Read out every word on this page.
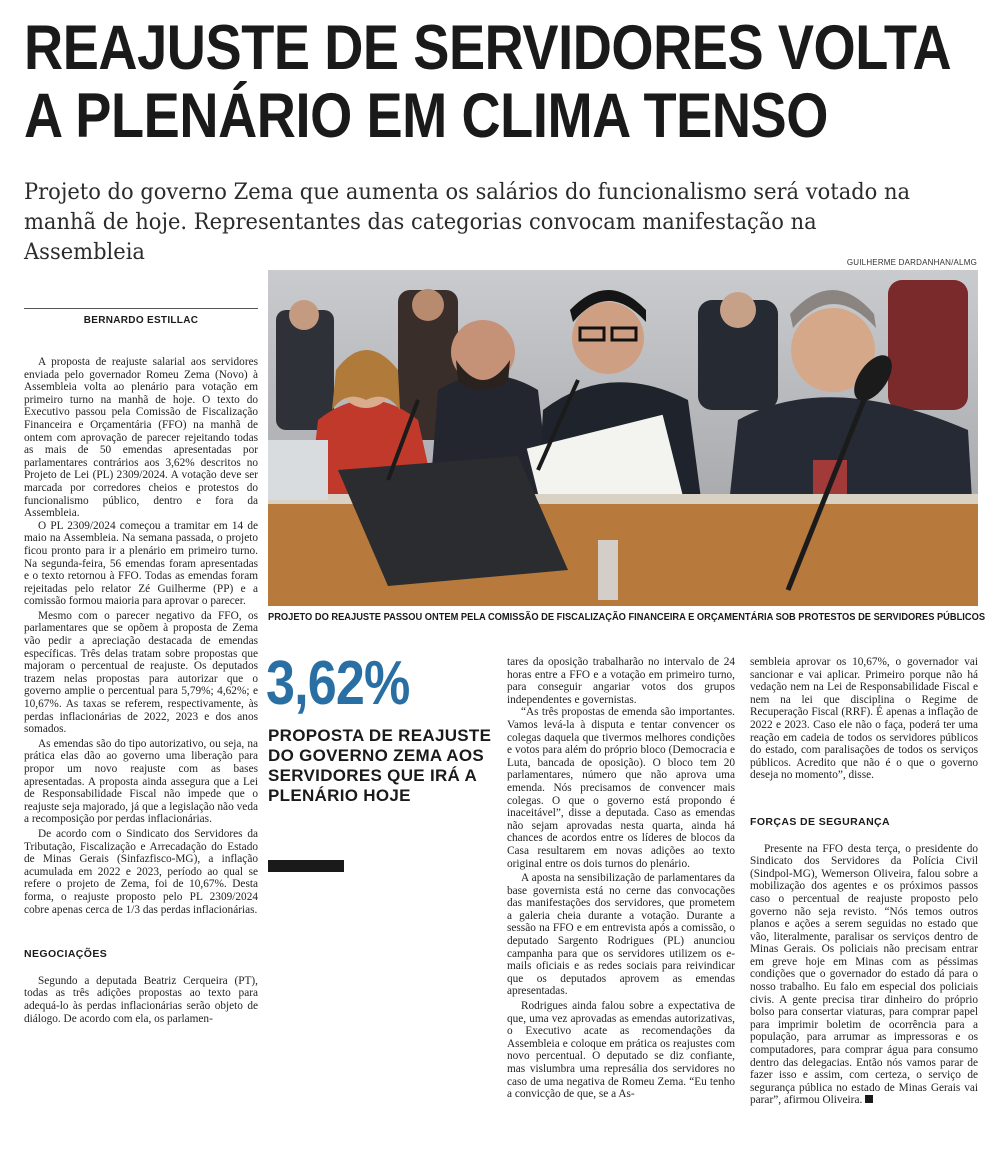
REAJUSTE DE SERVIDORES VOLTA
A PLENÁRIO EM CLIMA TENSO
Projeto do governo Zema que aumenta os salários do funcionalismo será votado na
manhã de hoje. Representantes das categorias convocam manifestação na Assembleia	GUILHERME DARDANHAN/ALMG
PROJETO DO REAJUSTE PASSOU ONTEM PELA COMISSÃO DE FISCALIZAÇÃO FINANCEIRA E ORÇAMENTÁRIA SOB PROTESTOS DE SERVIDORES PÚBLICOS
BERNARDO ESTILLAC

A proposta de reajuste salarial aos servidores enviada pelo governador Romeu Zema (Novo) à Assembleia volta ao plenário para votação em primeiro turno na manhã de hoje. O texto do Executivo passou pela Comissão de Fiscalização Financeira e Orçamentária (FFO) na manhã de ontem com aprovação de parecer rejeitando todas as mais de 50 emendas apresentadas por parlamentares contrários aos 3,62% descritos no Projeto de Lei (PL) 2309/2024. A votação deve ser marcada por corredores cheios e protestos do funcionalismo público, dentro e fora da Assembleia.

O PL 2309/2024 começou a tramitar em 14 de maio na Assembleia. Na semana passada, o projeto ficou pronto para ir a plenário em primeiro turno. Na segunda-feira, 56 emendas foram apresentadas e o texto retornou à FFO. Todas as emendas foram rejeitadas pelo relator Zé Guilherme (PP) e a comissão formou maioria para aprovar o parecer.

Mesmo com o parecer negativo da FFO, os parlamentares que se opõem à proposta de Zema vão pedir a apreciação destacada de emendas específicas. Três delas tratam sobre propostas que majoram o percentual de reajuste. Os deputados trazem nelas propostas para autorizar que o governo amplie o percentual para 5,79%; 4,62%; e 10,67%. As taxas se referem, respectivamente, às perdas inflacionárias de 2022, 2023 e dos anos somados.

As emendas são do tipo autorizativo, ou seja, na prática elas dão ao governo uma liberação para propor um novo reajuste com as bases apresentadas. A proposta ainda assegura que a Lei de Responsabilidade Fiscal não impede que o reajuste seja majorado, já que a legislação não veda a recomposição por perdas inflacionárias.

De acordo com o Sindicato dos Servidores da Tributação, Fiscalização e Arrecadação do Estado de Minas Gerais (Sinfazfisco-MG), a inflação acumulada em 2022 e 2023, período ao qual se refere o projeto de Zema, foi de 10,67%. Desta forma, o reajuste proposto pelo PL 2309/2024 cobre apenas cerca de 1/3 das perdas inflacionárias.

NEGOCIAÇÕES

Segundo a deputada Beatriz Cerqueira (PT), todas as três adições propostas ao texto para adequá-lo às perdas inflacionárias serão objeto de diálogo. De acordo com ela, os parlamen-

3,62%
PROPOSTA DE REAJUSTE DO GOVERNO ZEMA AOS SERVIDORES QUE IRÁ A PLENÁRIO HOJE

tares da oposição trabalharão no intervalo de 24 horas entre a FFO e a votação em primeiro turno, para conseguir angariar votos dos grupos independentes e governistas.

“As três propostas de emenda são importantes. Vamos levá-la à disputa e tentar convencer os colegas daquela que tivermos melhores condições e votos para além do próprio bloco (Democracia e Luta, bancada de oposição). O bloco tem 20 parlamentares, número que não aprova uma emenda. Nós precisamos de convencer mais colegas. O que o governo está propondo é inaceitável”, disse a deputada. Caso as emendas não sejam aprovadas nesta quarta, ainda há chances de acordos entre os líderes de blocos da Casa resultarem em novas adições ao texto original entre os dois turnos do plenário.

A aposta na sensibilização de parlamentares da base governista está no cerne das convocações das manifestações dos servidores, que prometem a galeria cheia durante a votação. Durante a sessão na FFO e em entrevista após a comissão, o deputado Sargento Rodrigues (PL) anunciou campanha para que os servidores utilizem os e-mails oficiais e as redes sociais para reivindicar que os deputados aprovem as emendas apresentadas.

Rodrigues ainda falou sobre a expectativa de que, uma vez aprovadas as emendas autorizativas, o Executivo acate as recomendações da Assembleia e coloque em prática os reajustes com novo percentual. O deputado se diz confiante, mas vislumbra uma represália dos servidores no caso de uma negativa de Romeu Zema. “Eu tenho a convicção de que, se a As-

sembleia aprovar os 10,67%, o governador vai sancionar e vai aplicar. Primeiro porque não há vedação nem na Lei de Responsabilidade Fiscal e nem na lei que disciplina o Regime de Recuperação Fiscal (RRF). É apenas a inflação de 2022 e 2023. Caso ele não o faça, poderá ter uma reação em cadeia de todos os servidores públicos do estado, com paralisações de todos os serviços públicos. Acredito que não é o que o governo deseja no momento”, disse.

FORÇAS DE SEGURANÇA

Presente na FFO desta terça, o presidente do Sindicato dos Servidores da Polícia Civil (Sindpol-MG), Wemerson Oliveira, falou sobre a mobilização dos agentes e os próximos passos caso o percentual de reajuste proposto pelo governo não seja revisto. “Nós temos outros planos e ações a serem seguidas no estado que vão, literalmente, paralisar os serviços dentro de Minas Gerais. Os policiais não precisam entrar em greve hoje em Minas com as péssimas condições que o governador do estado dá para o nosso trabalho. Eu falo em especial dos policiais civis. A gente precisa tirar dinheiro do próprio bolso para consertar viaturas, para comprar papel para imprimir boletim de ocorrência para a população, para arrumar as impressoras e os computadores, para comprar água para consumo dentro das delegacias. Então nós vamos parar de fazer isso e assim, com certeza, o serviço de segurança pública no estado de Minas Gerais vai parar”, afirmou Oliveira.
